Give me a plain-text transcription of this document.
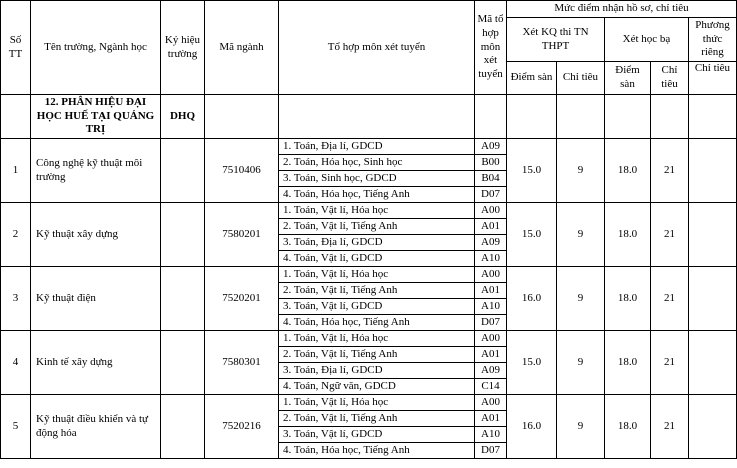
Số TT	Tên trường, Ngành học	Ký hiệu trường	Mã ngành	Tổ hợp môn xét tuyển	Mã tổ hợp môn xét tuyển	Mức điểm nhận hồ sơ, chỉ tiêu				
						Xét KQ thi TN THPT		Xét học bạ		Phương thức riêng
						Điểm sàn	Chỉ tiêu	Điểm sàn	Chỉ tiêu	Chỉ tiêu
	12. PHÂN HIỆU ĐẠI HỌC HUẾ TẠI QUẢNG TRỊ	DHQ								
1	Công nghệ kỹ thuật môi trường		7510406	1. Toán, Địa lí, GDCD	A09	15.0	9	18.0	21	
				2. Toán, Hóa học, Sinh học	B00					
				3. Toán, Sinh học, GDCD	B04					
				4. Toán, Hóa học, Tiếng Anh	D07					
2	Kỹ thuật xây dựng		7580201	1. Toán, Vật lí, Hóa học	A00	15.0	9	18.0	21	
				2. Toán, Vật lí, Tiếng Anh	A01					
				3. Toán, Địa lí, GDCD	A09					
				4. Toán, Vật lí, GDCD	A10					
3	Kỹ thuật điện		7520201	1. Toán, Vật lí, Hóa học	A00	16.0	9	18.0	21	
				2. Toán, Vật lí, Tiếng Anh	A01					
				3. Toán, Vật lí, GDCD	A10					
				4. Toán, Hóa học, Tiếng Anh	D07					
4	Kinh tế xây dựng		7580301	1. Toán, Vật lí, Hóa học	A00	15.0	9	18.0	21	
				2. Toán, Vật lí, Tiếng Anh	A01					
				3. Toán, Địa lí, GDCD	A09					
				4. Toán, Ngữ văn, GDCD	C14					
5	Kỹ thuật điều khiển và tự động hóa		7520216	1. Toán, Vật lí, Hóa học	A00	16.0	9	18.0	21	
				2. Toán, Vật lí, Tiếng Anh	A01					
				3. Toán, Vật lí, GDCD	A10					
				4. Toán, Hóa học, Tiếng Anh	D07					
